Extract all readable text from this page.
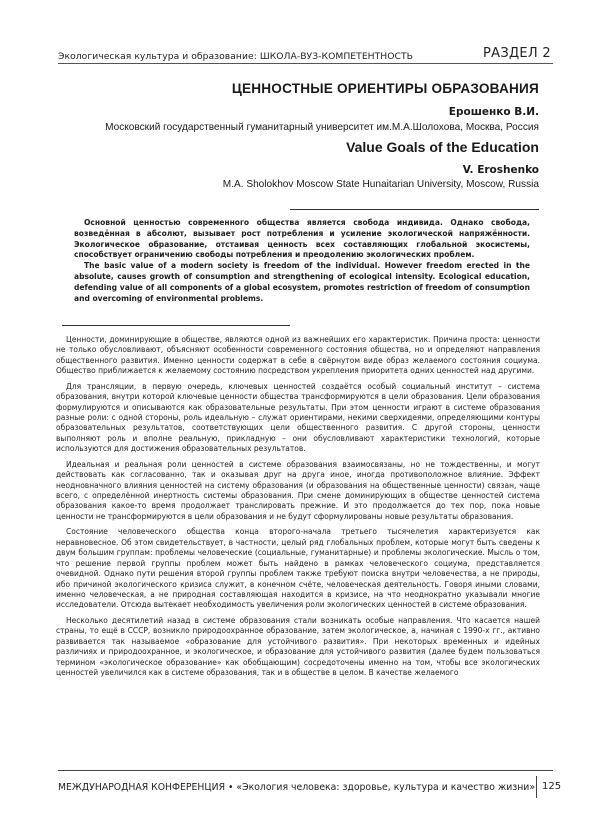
Экологическая культура и образование: ШКОЛА-ВУЗ-КОМПЕТЕНТНОСТЬ	РАЗДЕЛ 2
ЦЕННОСТНЫЕ ОРИЕНТИРЫ ОБРАЗОВАНИЯ
Ерошенко В.И.
Московский государственный гуманитарный университет им.М.А.Шолохова, Москва, Россия
Value Goals of the Education
V. Eroshenko
M.A. Sholokhov Moscow State Hunaitarian University, Moscow, Russia

Основной ценностью современного общества является свобода индивида. Однако свобода, возведённая в абсолют, вызывает рост потребления и усиление экологической напряжённости. Экологическое образование, отстаивая ценность всех составляющих глобальной экосистемы, способствует ограничению свободы потребления и преодолению экологических проблем.

The basic value of a modern society is freedom of the individual. However freedom erected in the absolute, causes growth of consumption and strengthening of ecological intensity. Ecological education, defending value of all components of a global ecosystem, promotes restriction of freedom of consumption and overcoming of environmental problems.

Ценности, доминирующие в обществе, являются одной из важнейших его характеристик. Причина проста: ценности не только обусловливают, объясняют особенности современного состояния общества, но и определяют направления общественного развития. Именно ценности содержат в себе в свёрнутом виде образ желаемого состояния социума. Общество приближается к желаемому состоянию посредством укрепления приоритета одних ценностей над другими.

Для трансляции, в первую очередь, ключевых ценностей создаётся особый социальный институт – система образования, внутри которой ключевые ценности общества трансформируются в цели образования. Цели образования формулируются и описываются как образовательные результаты. При этом ценности играют в системе образования разные роли: с одной стороны, роль идеальную – служат ориентирами, некими сверхидеями, определяющими контуры образовательных результатов, соответствующих цели общественного развития. С другой стороны, ценности выполняют роль и вполне реальную, прикладную – они обусловливают характеристики технологий, которые используются для достижения образовательных результатов.

Идеальная и реальная роли ценностей в системе образования взаимосвязаны, но не тождественны, и могут действовать как согласованно, так и оказывая друг на друга иное, иногда противоположное влияние. Эффект неодновначного влияния ценностей на систему образования (и образования на общественные ценности) связан, чаще всего, с определённой инертность системы образования. При смене доминирующих в обществе ценностей система образования какое-то время продолжает транслировать прежние. И это продолжается до тех пор, пока новые ценности не трансформируются в цели образования и не будут сформулированы новые результаты образования.

Состояние человеческого общества конца второго-начала третьего тысячелетия характеризуется как неравновесное. Об этом свидетельствует, в частности, целый ряд глобальных проблем, которые могут быть сведены к двум большим группам: проблемы человеческие (социальные, гуманитарные) и проблемы экологические. Мысль о том, что решение первой группы проблем может быть найдено в рамках человеческого социума, представляется очевидной. Однако пути решения второй группы проблем также требуют поиска внутри человечества, а не природы, ибо причиной экологического кризиса служит, в конечном счёте, человеческая деятельность. Говоря иными словами, именно человеческая, а не природная составляющая находится в кризисе, на что неоднократно указывали многие исследователи. Отсюда вытекает необходимость увеличения роли экологических ценностей в системе образования.

Несколько десятилетий назад в системе образования стали возникать особые направления. Что касается нашей страны, то ещё в СССР, возникло природоохранное образование, затем экологическое, а, начиная с 1990-х гг., активно развивается так называемое «образование для устойчивого развития». При некоторых временных и идейных различиях и природоохранное, и экологическое, и образование для устойчивого развития (далее будем пользоваться термином «экологическое образование» как обобщающим) сосредоточены именно на том, чтобы все экологических ценностей увеличился как в системе образования, так и в обществе в целом. В качестве желаемого

МЕЖДУНАРОДНАЯ КОНФЕРЕНЦИЯ • «Экология человека: здоровье, культура и качество жизни» 125
